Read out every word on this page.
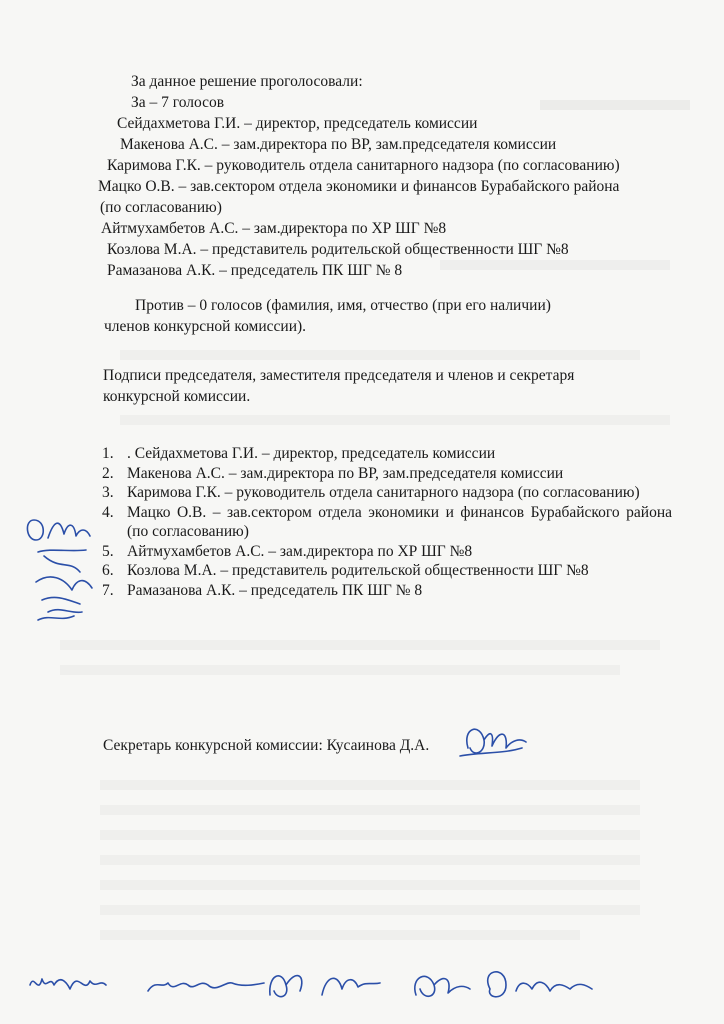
За данное решение проголосовали:
За – 7 голосов
Сейдахметова Г.И. – директор, председатель комиссии
Макенова А.С. – зам.директора по ВР, зам.председателя комиссии
Каримова Г.К. – руководитель отдела санитарного надзора (по согласованию)
Мацко О.В. – зав.сектором отдела экономики и финансов Бурабайского района
(по согласованию)
Айтмухамбетов А.С. – зам.директора по ХР ШГ №8
Козлова М.А. – представитель родительской общественности ШГ №8
Рамазанова А.К. – председатель ПК ШГ № 8
Против – 0 голосов (фамилия, имя, отчество (при его наличии)
членов конкурсной комиссии).
Подписи председателя, заместителя председателя и членов и секретаря
конкурсной комиссии.
1. . Сейдахметова Г.И. – директор, председатель комиссии
2. Макенова А.С. – зам.директора по ВР, зам.председателя комиссии
3. Каримова Г.К. – руководитель отдела санитарного надзора (по согласованию)
4. Мацко О.В. – зав.сектором отдела экономики и финансов Бурабайского района (по согласованию)
5. Айтмухамбетов А.С. – зам.директора по ХР ШГ №8
6. Козлова М.А. – представитель родительской общественности ШГ №8
7. Рамазанова А.К. – председатель ПК ШГ № 8
Секретарь конкурсной комиссии: Кусаинова Д.А.
